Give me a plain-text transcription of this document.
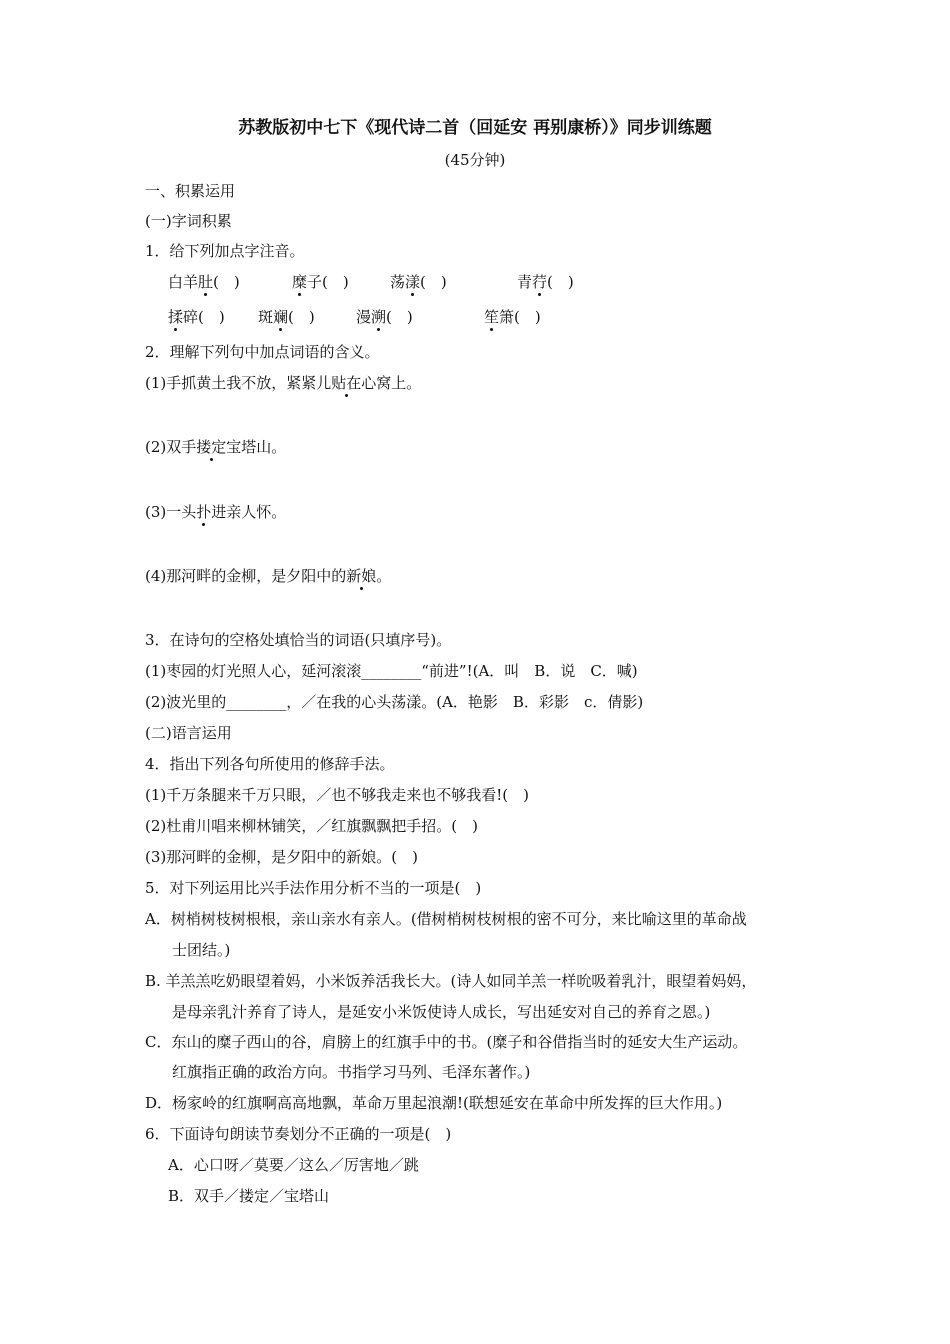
苏教版初中七下《现代诗二首（回延安 再别康桥）》同步训练题
(45分钟)
一、积累运用
(一)字词积累
1．给下列加点字注音。
白羊肚(　)	糜子(　)	荡漾(　)	青荇(　)
揉碎(　) 斑斓(　)	漫溯(　)	笙箫(　)
2．理解下列句中加点词语的含义。
(1)手抓黄土我不放，紧紧儿贴在心窝上。
(2)双手搂定宝塔山。
(3)一头扑进亲人怀。
(4)那河畔的金柳，是夕阳中的新娘。
3．在诗句的空格处填恰当的词语(只填序号)。
(1)枣园的灯光照人心，延河滚滚________“前进”!(A．叫　B．说　C．喊)
(2)波光里的________，／在我的心头荡漾。(A．艳影　B．彩影　c．倩影)
(二)语言运用
4．指出下列各句所使用的修辞手法。
(1)千万条腿来千万只眼，／也不够我走来也不够我看!(　)
(2)杜甫川唱来柳林铺笑，／红旗飘飘把手招。(　)
(3)那河畔的金柳，是夕阳中的新娘。(　)
5．对下列运用比兴手法作用分析不当的一项是(　)
A．树梢树枝树根根，亲山亲水有亲人。(借树梢树枝树根的密不可分，来比喻这里的革命战
士团结。)
B. 羊羔羔吃奶眼望着妈，小米饭养活我长大。(诗人如同羊羔一样吮吸着乳汁，眼望着妈妈，
是母亲乳汁养育了诗人，是延安小米饭使诗人成长，写出延安对自己的养育之恩。)
C．东山的糜子西山的谷，肩膀上的红旗手中的书。(糜子和谷借指当时的延安大生产运动。
红旗指正确的政治方向。书指学习马列、毛泽东著作。)
D．杨家岭的红旗啊高高地飘，革命万里起浪潮!(联想延安在革命中所发挥的巨大作用。)
6．下面诗句朗读节奏划分不正确的一项是(　)
A．心口呀／莫要／这么／厉害地／跳
B．双手／搂定／宝塔山
